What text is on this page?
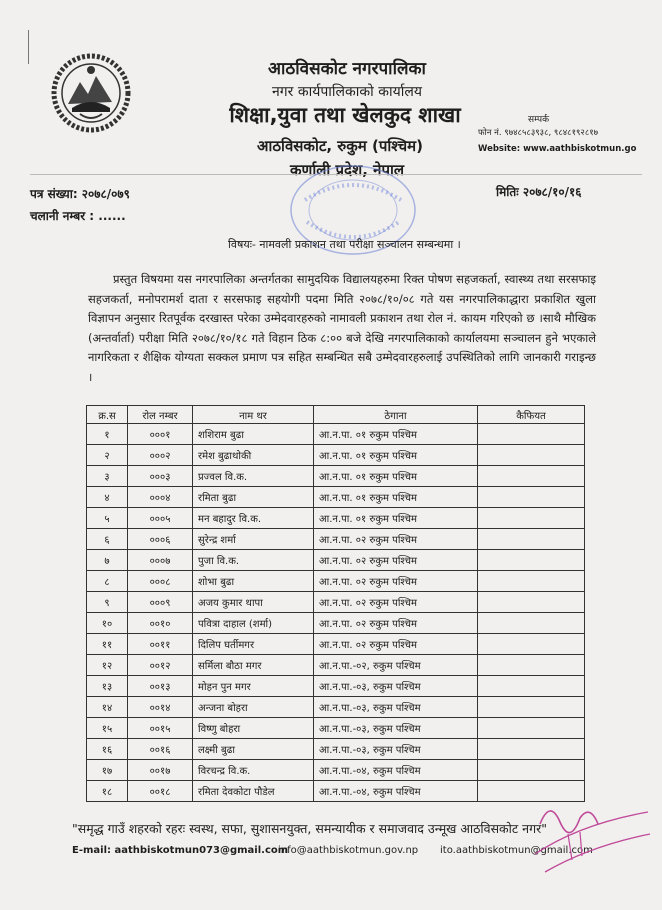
आठविसकोट नगरपालिका
नगर कार्यपालिकाको कार्यालय
शिक्षा,युवा तथा खेलकुद शाखा
आठविसकोट, रुकुम (पश्चिम)
कर्णाली प्रदेश, नेपाल
सम्पर्क
फोन नं. ९७४८५८३९३८, ९८४८१९२८१७
Website: www.aathbiskotmun.go
पत्र संख्या: २०७८/०७९
चलानी नम्बर : ......
मितिः २०७८/१०/१६
विषयः- नामवली प्रकाशन तथा परीक्षा सञ्चालन सम्बन्धमा ।
प्रस्तुत विषयमा यस नगरपालिका अन्तर्गतका सामुदयिक विद्यालयहरुमा रिक्त पोषण सहजकर्ता, स्वास्थ्य तथा सरसफाइ सहजकर्ता, मनोपरामर्श दाता र सरसफाइ सहयोगी पदमा मिति २०७८/१०/०८ गते यस नगरपालिकाद्धारा प्रकाशित खुला विज्ञापन अनुसार रितपूर्वक दरखास्त परेका उम्मेदवारहरुको नामावली प्रकाशन तथा रोल नं. कायम गरिएको छ ।साथै मौखिक (अन्तर्वार्ता) परीक्षा मिति २०७८/१०/१८ गते विहान ठिक ८:०० बजे देखि नगरपालिकाको कार्यालयमा सञ्चालन हुने भएकाले नागरिकता र शैक्षिक योग्यता सक्कल प्रमाण पत्र सहित सम्बन्धित सबै उम्मेदवारहरुलाई उपस्थितिको लागि जानकारी गराइन्छ ।
क्र.स	रोल नम्बर	नाम थर	ठेगाना	कैफियत
१	०००१	शशिराम बुढा	आ.न.पा. ०१ रुकुम पश्चिम	
२	०००२	रमेश बुढाथोकी	आ.न.पा. ०१ रुकुम पश्चिम	
३	०००३	प्रज्वल वि.क.	आ.न.पा. ०१ रुकुम पश्चिम	
४	०००४	रमिता बुढा	आ.न.पा. ०१ रुकुम पश्चिम	
५	०००५	मन बहादुर वि.क.	आ.न.पा. ०१ रुकुम पश्चिम	
६	०००६	सुरेन्द्र शर्मा	आ.न.पा. ०२ रुकुम पश्चिम	
७	०००७	पुजा वि.क.	आ.न.पा. ०२ रुकुम पश्चिम	
८	०००८	शोभा बुढा	आ.न.पा. ०२ रुकुम पश्चिम	
९	०००९	अजय कुमार थापा	आ.न.पा. ०२ रुकुम पश्चिम	
१०	००१०	पवित्रा दाहाल (शर्मा)	आ.न.पा. ०२ रुकुम पश्चिम	
११	००११	दिलिप घर्तीमगर	आ.न.पा. ०२ रुकुम पश्चिम	
१२	००१२	सर्मिला बौठा मगर	आ.न.पा.-०२, रुकुम पश्चिम	
१३	००१३	मोहन पुन मगर	आ.न.पा.-०३, रुकुम पश्चिम	
१४	००१४	अन्जना बोहरा	आ.न.पा.-०३, रुकुम पश्चिम	
१५	००१५	विष्णु बोहरा	आ.न.पा.-०३, रुकुम पश्चिम	
१६	००१६	लक्ष्मी बुढा	आ.न.पा.-०३, रुकुम पश्चिम	
१७	००१७	विरचन्द्र वि.क.	आ.न.पा.-०४, रुकुम पश्चिम	
१८	००१८	रमिता देवकोटा पौडेल	आ.न.पा.-०४, रुकुम पश्चिम	
"समृद्ध गाउँ शहरको रहरः स्वस्थ, सफा, सुशासनयुक्त, समन्यायीक र समाजवाद उन्मूख आठविसकोट नगर"
E-mail: aathbiskotmun073@gmail.com
info@aathbiskotmun.gov.np ito.aathbiskotmun@gmail.com
